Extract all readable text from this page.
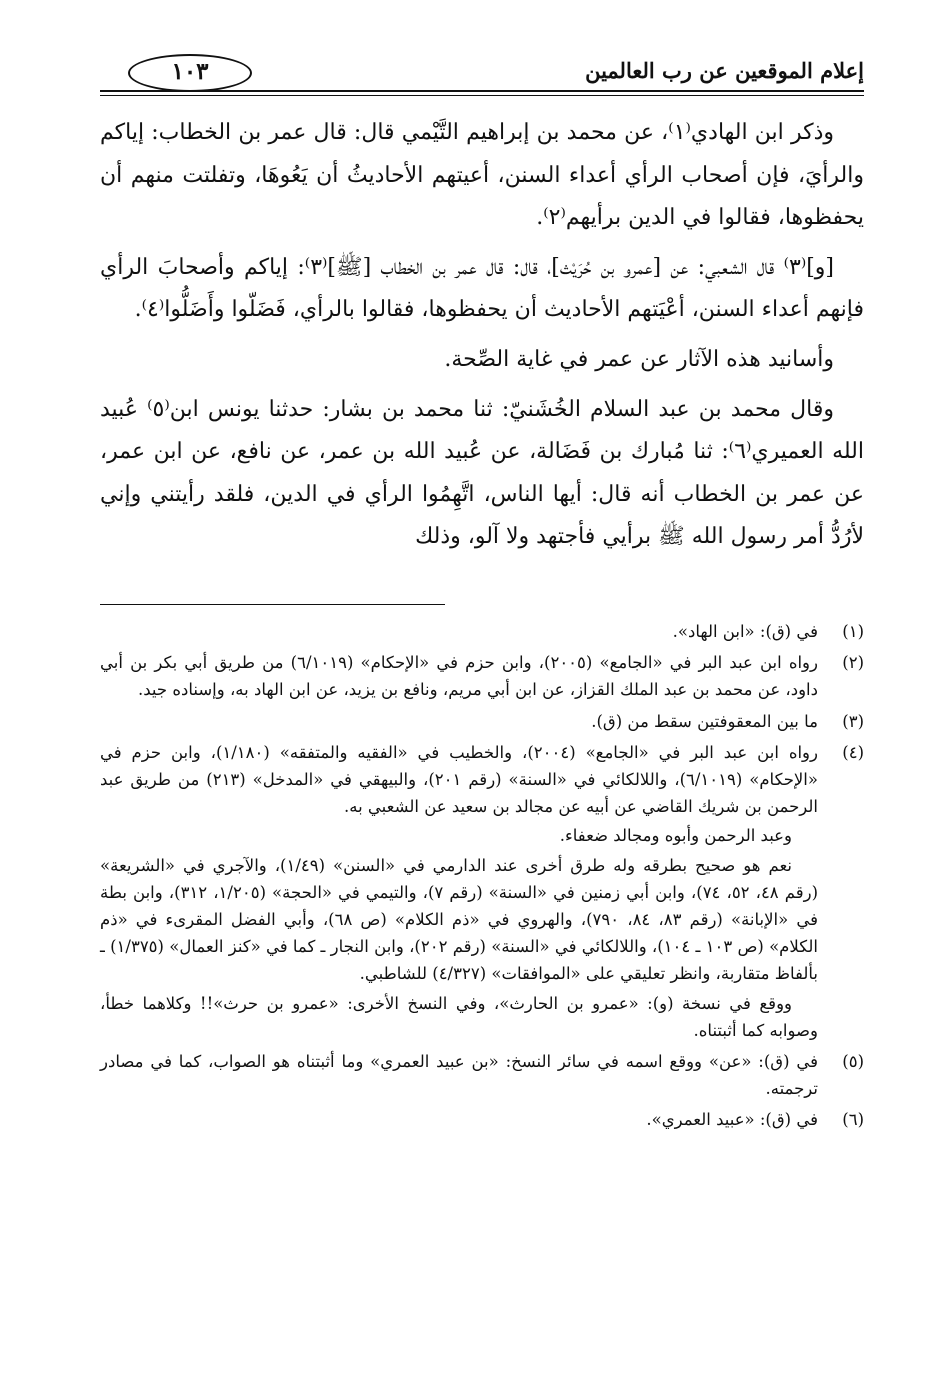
إعلام الموقعين عن رب العالمين
١٠٣

وذكر ابن الهادي⁽١⁾، عن محمد بن إبراهيم التَّيْمي قال: قال عمر بن الخطاب: إياكم والرأيَ، فإن أصحاب الرأي أعداء السنن، أعيتهم الأحاديثُ أن يَعُوهَا، وتفلتت منهم أن يحفظوها، فقالوا في الدين برأيهم⁽٢⁾.

[و]⁽٣⁾ قال الشعبي: عن [عمرو بن حُرَيْث]، قال: قال عمر بن الخطاب [ﷺ]⁽٣⁾: إياكم وأصحابَ الرأي فإنهم أعداء السنن، أعْيَتهم الأحاديث أن يحفظوها، فقالوا بالرأي، فَضَلّوا وأَضَلُّوا⁽٤⁾.

وأسانيد هذه الآثار عن عمر في غاية الصِّحة.

وقال محمد بن عبد السلام الخُشَنيّ: ثنا محمد بن بشار: حدثنا يونس ابن⁽٥⁾ عُبيد الله العميري⁽٦⁾: ثنا مُبارك بن فَضَالة، عن عُبيد الله بن عمر، عن نافع، عن ابن عمر، عن عمر بن الخطاب أنه قال: أيها الناس، اتَّهِمُوا الرأي في الدين، فلقد رأيتني وإني لأرُدُّ أمر رسول الله ﷺ برأيي فأجتهد ولا آلو، وذلك

(١)

في (ق): «ابن الهاد».

(٢)

رواه ابن عبد البر في «الجامع» (٢٠٠٥)، وابن حزم في «الإحكام» (٦/١٠١٩) من طريق أبي بكر بن أبي داود، عن محمد بن عبد الملك القزاز، عن ابن أبي مريم، ونافع بن يزيد، عن ابن الهاد به، وإسناده جيد.

(٣)

ما بين المعقوفتين سقط من (ق).

(٤)

رواه ابن عبد البر في «الجامع» (٢٠٠٤)، والخطيب في «الفقيه والمتفقه» (١/١٨٠)، وابن حزم في «الإحكام» (٦/١٠١٩)، واللالكائي في «السنة» (رقم ٢٠١)، والبيهقي في «المدخل» (٢١٣) من طريق عبد الرحمن بن شريك القاضي عن أبيه عن مجالد بن سعيد عن الشعبي به.

وعبد الرحمن وأبوه ومجالد ضعفاء.

نعم هو صحيح بطرقه وله طرق أخرى عند الدارمي في «السنن» (١/٤٩)، والآجري في «الشريعة» (رقم ٤٨، ٥٢، ٧٤)، وابن أبي زمنين في «السنة» (رقم ٧)، والتيمي في «الحجة» (١/٢٠٥، ٣١٢)، وابن بطة في «الإبانة» (رقم ٨٣، ٨٤، ٧٩٠)، والهروي في «ذم الكلام» (ص ٦٨)، وأبي الفضل المقرىء في «ذم الكلام» (ص ١٠٣ ـ ١٠٤)، واللالكائي في «السنة» (رقم ٢٠٢)، وابن النجار ـ كما في «كنز العمال» (١/٣٧٥) ـ بألفاظ متقاربة، وانظر تعليقي على «الموافقات» (٤/٣٢٧) للشاطبي.

ووقع في نسخة (و): «عمرو بن الحارث»، وفي النسخ الأخرى: «عمرو بن حرث»!! وكلاهما خطأ، وصوابه كما أثبتناه.

(٥)

في (ق): «عن» ووقع اسمه في سائر النسخ: «بن عبيد العمري» وما أثبتناه هو الصواب، كما في مصادر ترجمته.

(٦)

في (ق): «عبيد العمري».
